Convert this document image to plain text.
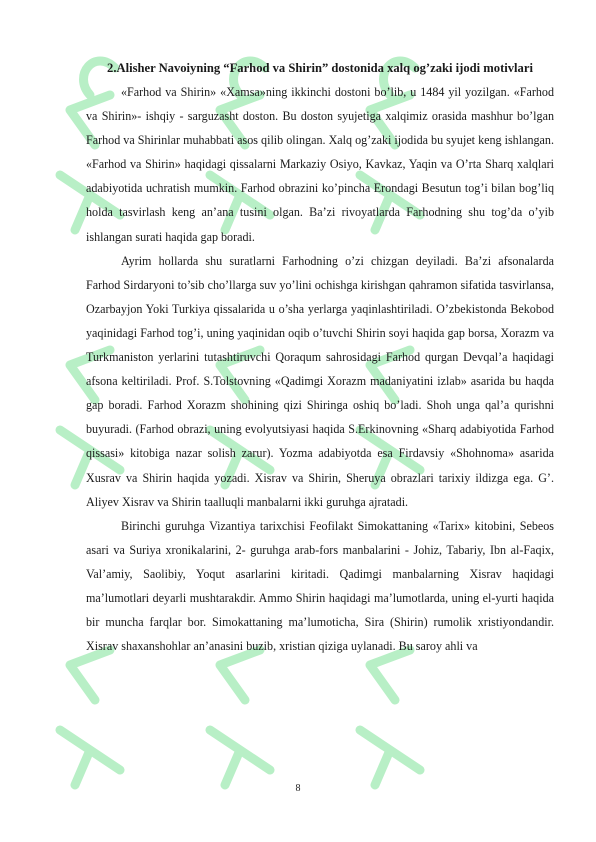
2.Alisher Navoiyning “Farhod va Shirin” dostonida xalq og’zaki ijodi motivlari

«Farhod va Shirin» «Xamsa»ning ikkinchi dostoni bo’lib, u 1484 yil yozilgan. «Farhod va Shirin»- ishqiy - sarguzasht doston. Bu doston syujetiga xalqimiz orasida mashhur bo’lgan Farhod va Shirinlar muhabbati asos qilib olingan. Xalq og’zaki ijodida bu syujet keng ishlangan. «Farhod va Shirin» haqidagi qissalarni Markaziy Osiyo, Kavkaz, Yaqin va O’rta Sharq xalqlari adabiyotida uchratish mumkin. Farhod obrazini ko’pincha Erondagi Besutun tog’i bilan bog’liq holda tasvirlash keng an’ana tusini olgan. Ba’zi rivoyatlarda Farhodning shu tog’da o’yib ishlangan surati haqida gap boradi.

Ayrim hollarda shu suratlarni Farhodning o’zi chizgan deyiladi. Ba’zi afsonalarda Farhod Sirdaryoni to’sib cho’llarga suv yo’lini ochishga kirishgan qahramon sifatida tasvirlansa, Ozarbayjon Yoki Turkiya qissalarida u o’sha yerlarga yaqinlashtiriladi. O’zbekistonda Bekobod yaqinidagi Farhod tog’i, uning yaqinidan oqib o’tuvchi Shirin soyi haqida gap borsa, Xorazm va Turkmaniston yerlarini tutashtiruvchi Qoraqum sahrosidagi Farhod qurgan Devqal’a haqidagi afsona keltiriladi. Prof. S.Tolstovning «Qadimgi Xorazm madaniyatini izlab» asarida bu haqda gap boradi. Farhod Xorazm shohining qizi Shiringa oshiq bo’ladi. Shoh unga qal’a qurishni buyuradi. (Farhod obrazi, uning evolyutsiyasi haqida S.Erkinovning «Sharq adabiyotida Farhod qissasi» kitobiga nazar solish zarur). Yozma adabiyotda esa Firdavsiy «Shohnoma» asarida Xusrav va Shirin haqida yozadi. Xisrav va Shirin, Sheruya obrazlari tarixiy ildizga ega. G’. Aliyev Xisrav va Shirin taalluqli manbalarni ikki guruhga ajratadi.

Birinchi guruhga Vizantiya tarixchisi Feofilakt Simokattaning «Tarix» kitobini, Sebeos asari va Suriya xronikalarini, 2- guruhga arab-fors manbalarini - Johiz, Tabariy, Ibn al-Faqix, Val’amiy, Saolibiy, Yoqut asarlarini kiritadi. Qadimgi manbalarning Xisrav haqidagi ma’lumotlari deyarli mushtarakdir. Ammo Shirin haqidagi ma’lumotlarda, uning el-yurti haqida bir muncha farqlar bor. Simokattaning ma’lumoticha, Sira (Shirin) rumolik xristiyondandir. Xisrav shaxanshohlar an’anasini buzib, xristian qiziga uylanadi. Bu saroy ahli va

8
